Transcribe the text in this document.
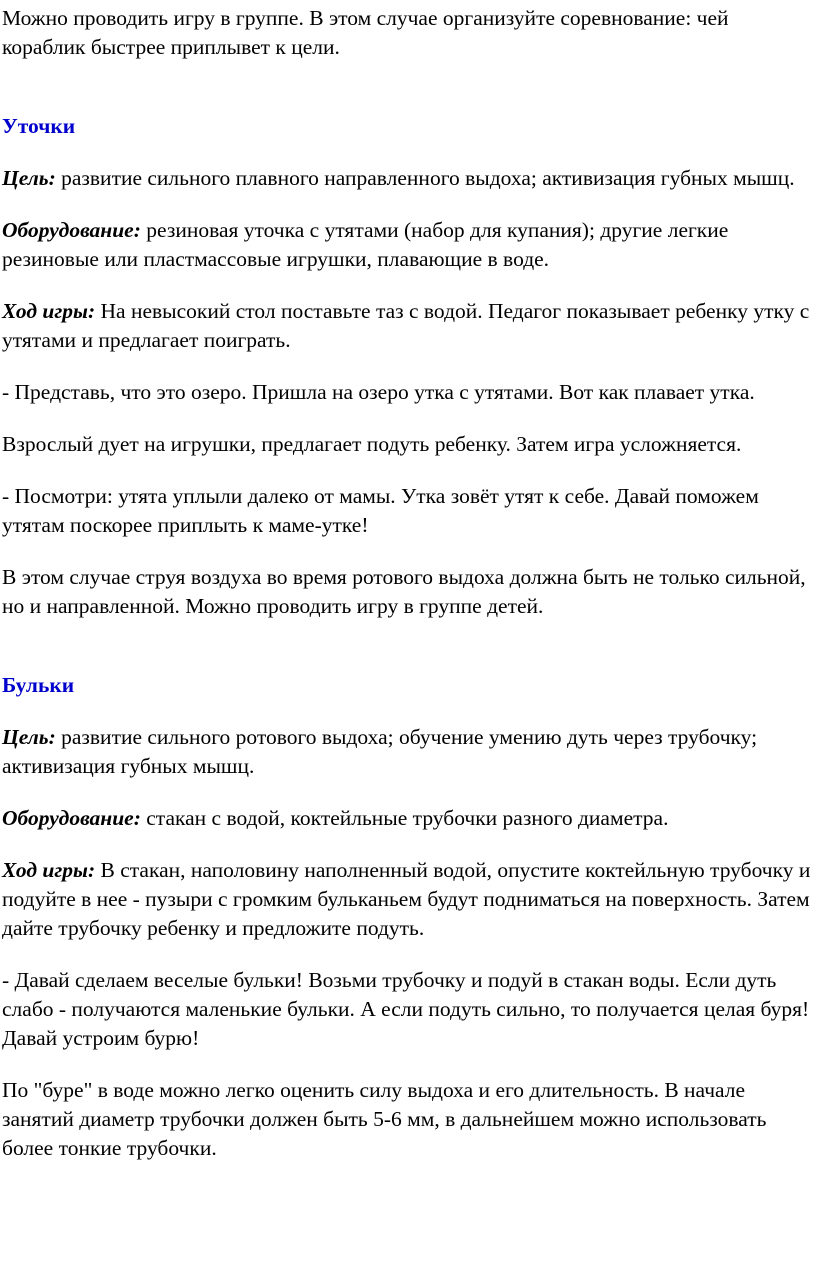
Можно проводить игру в группе. В этом случае организуйте соревнование: чей кораблик быстрее приплывет к цели.

Уточки

Цель: развитие сильного плавного направленного выдоха; активизация губных мышц.

Оборудование: резиновая уточка с утятами (набор для купания); другие легкие резиновые или пластмассовые игрушки, плавающие в воде.

Ход игры: На невысокий стол поставьте таз с водой. Педагог показывает ребенку утку с утятами и предлагает поиграть.

- Представь, что это озеро. Пришла на озеро утка с утятами. Вот как плавает утка.

Взрослый дует на игрушки, предлагает подуть ребенку. Затем игра усложняется.

- Посмотри: утята уплыли далеко от мамы. Утка зовёт утят к себе. Давай поможем утятам поскорее приплыть к маме-утке!

В этом случае струя воздуха во время ротового выдоха должна быть не только сильной, но и направленной. Можно проводить игру в группе детей.

Бульки

Цель: развитие сильного ротового выдоха; обучение умению дуть через трубочку; активизация губных мышц.

Оборудование: стакан с водой, коктейльные трубочки разного диаметра.

Ход игры: В стакан, наполовину наполненный водой, опустите коктейльную трубочку и подуйте в нее - пузыри с громким бульканьем будут подниматься на поверхность. Затем дайте трубочку ребенку и предложите подуть.

- Давай сделаем веселые бульки! Возьми трубочку и подуй в стакан воды. Если дуть слабо - получаются маленькие бульки. А если подуть сильно, то получается целая буря! Давай устроим бурю!

По "буре" в воде можно легко оценить силу выдоха и его длительность. В начале занятий диаметр трубочки должен быть 5-6 мм, в дальнейшем можно использовать более тонкие трубочки.
